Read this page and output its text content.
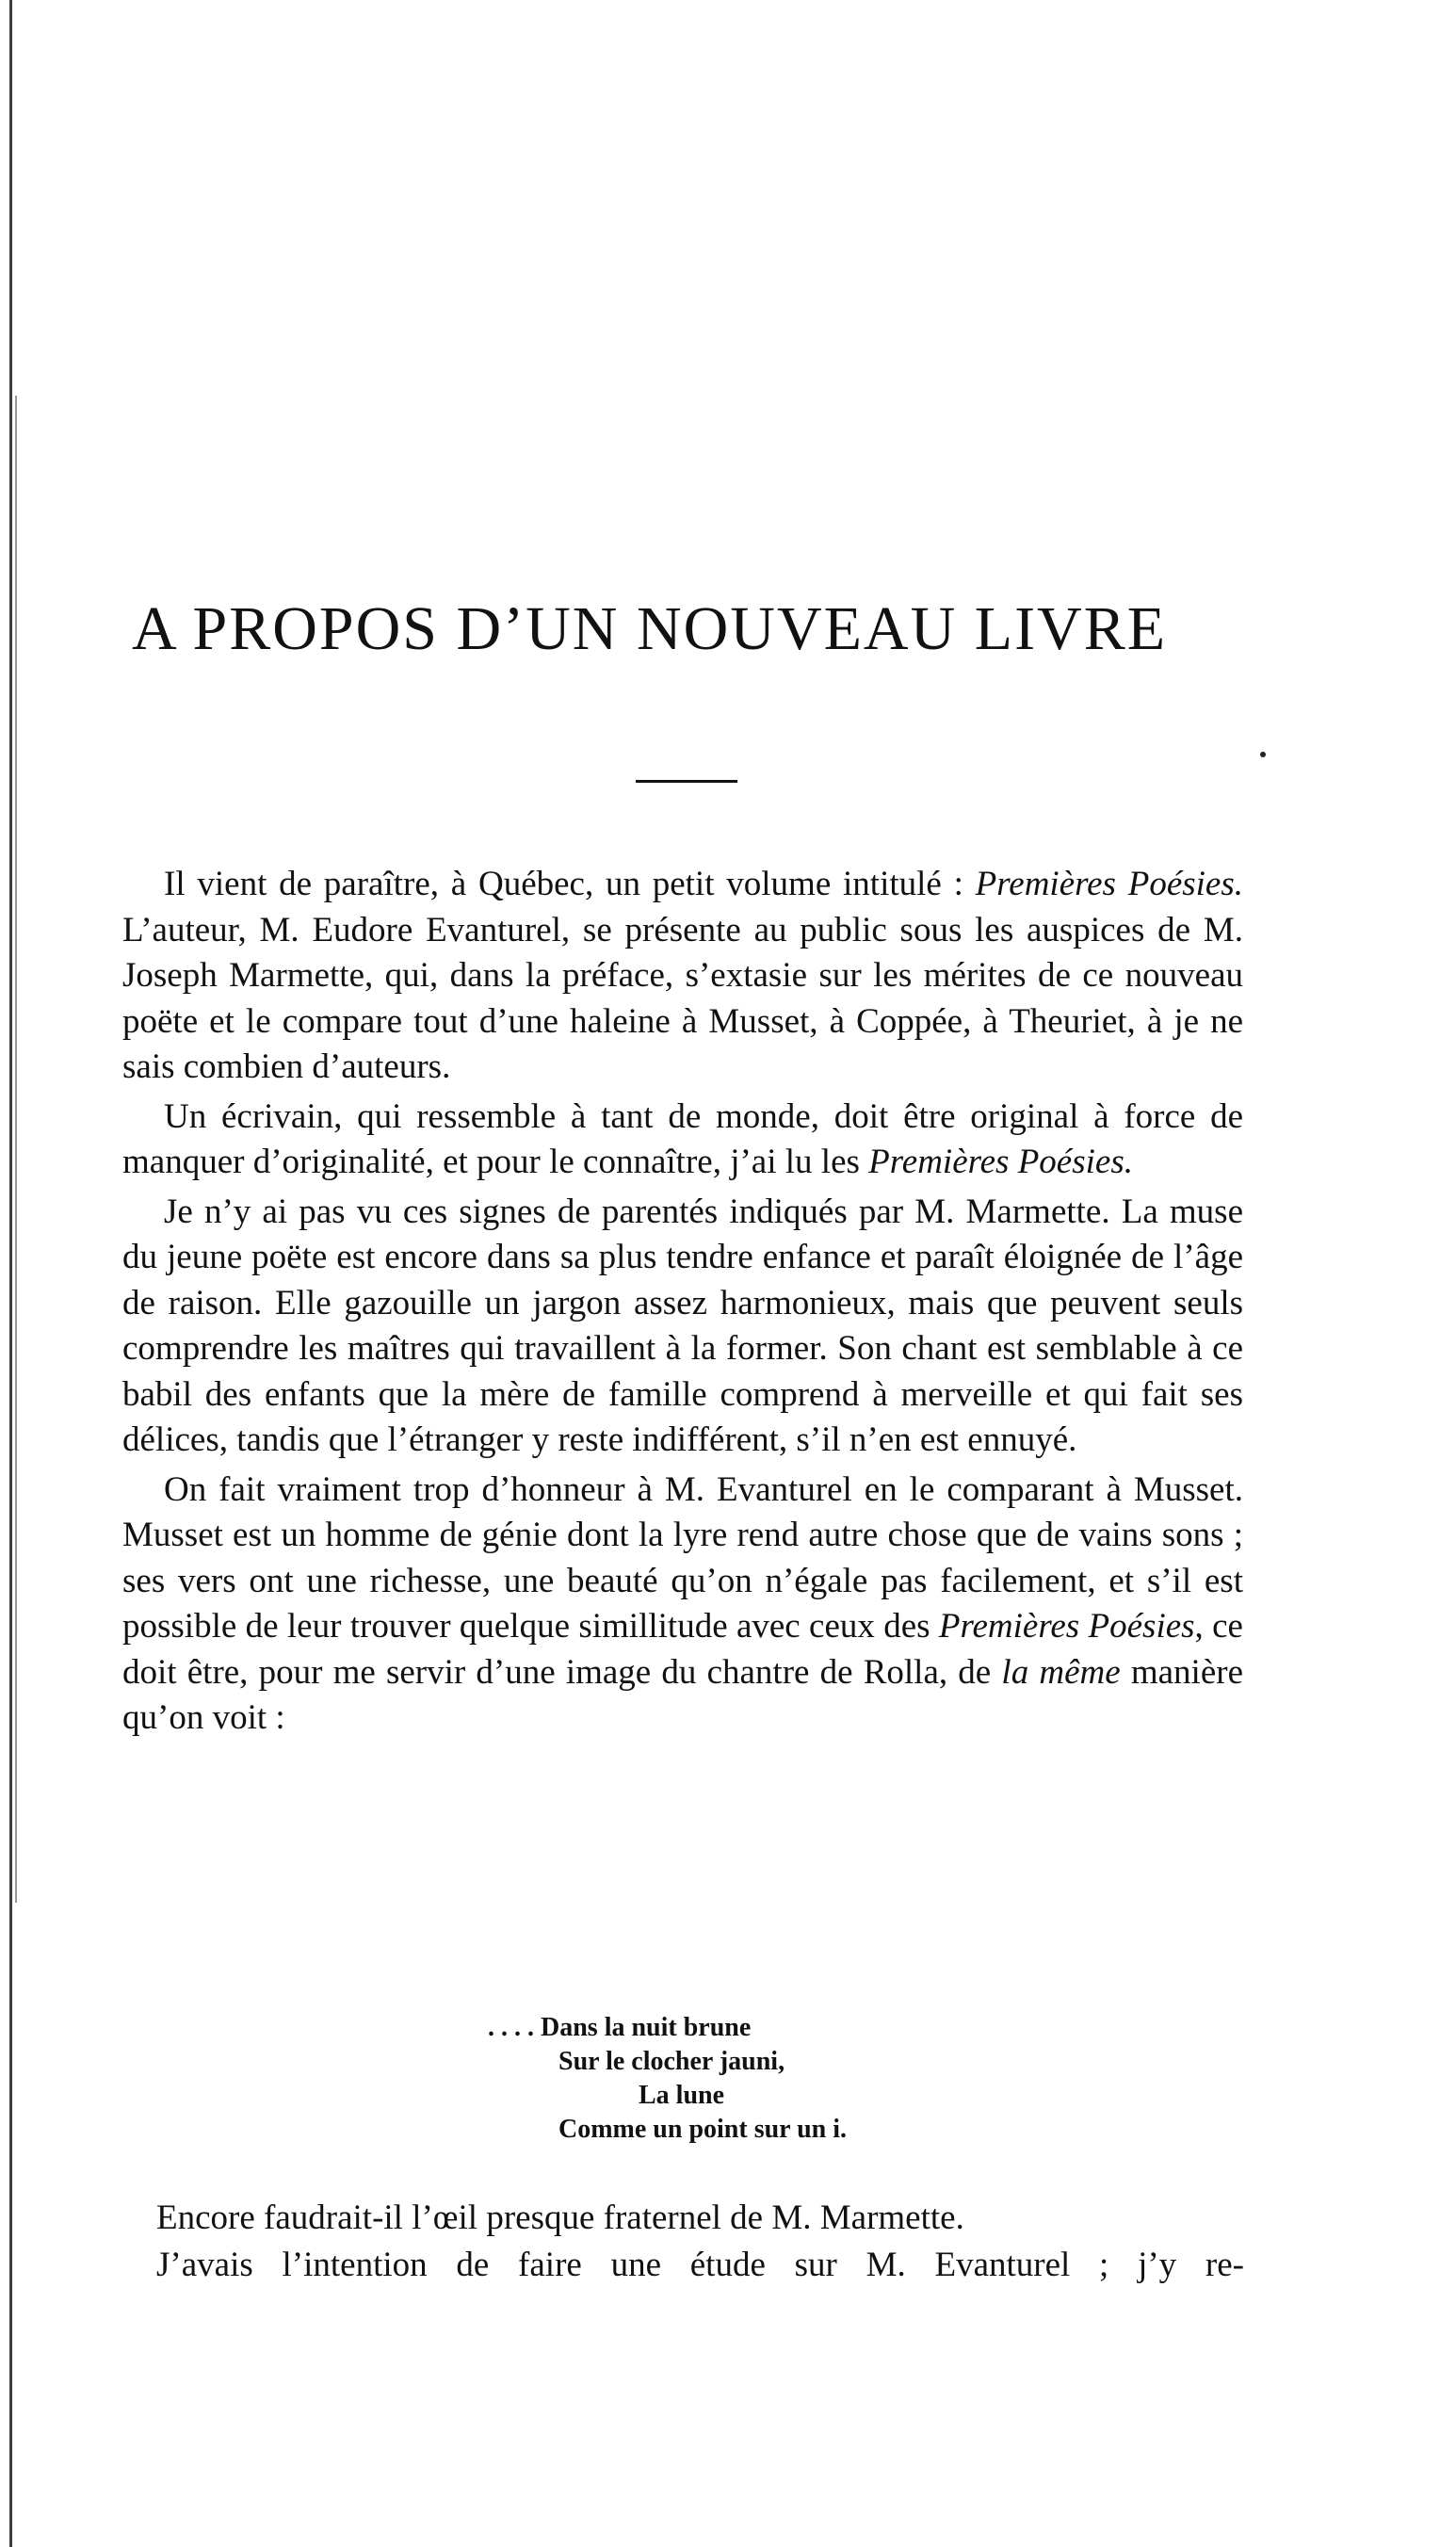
A PROPOS D’UN NOUVEAU LIVRE

Il vient de paraître, à Québec, un petit volume intitulé : Premières Poésies. L’auteur, M. Eudore Evanturel, se présente au public sous les auspices de M. Joseph Marmette, qui, dans la préface, s’extasie sur les mérites de ce nouveau poëte et le compare tout d’une haleine à Musset, à Coppée, à Theuriet, à je ne sais combien d’auteurs.

Un écrivain, qui ressemble à tant de monde, doit être original à force de manquer d’originalité, et pour le connaître, j’ai lu les Premières Poésies.

Je n’y ai pas vu ces signes de parentés indiqués par M. Marmette. La muse du jeune poëte est encore dans sa plus tendre enfance et paraît éloignée de l’âge de raison. Elle gazouille un jargon assez harmonieux, mais que peuvent seuls comprendre les maîtres qui travaillent à la former. Son chant est semblable à ce babil des enfants que la mère de famille comprend à merveille et qui fait ses délices, tandis que l’étranger y reste indifférent, s’il n’en est ennuyé.

On fait vraiment trop d’honneur à M. Evanturel en le comparant à Musset. Musset est un homme de génie dont la lyre rend autre chose que de vains sons ; ses vers ont une richesse, une beauté qu’on n’égale pas facilement, et s’il est possible de leur trouver quelque simillitude avec ceux des Premières Poésies, ce doit être, pour me servir d’une image du chantre de Rolla, de la même manière qu’on voit :

. . . . Dans la nuit brune
Sur le clocher jauni,
La lune
Comme un point sur un i.

Encore faudrait-il l’œil presque fraternel de M. Marmette.

J’avais l’intention de faire une étude sur M. Evanturel ; j’y re-
